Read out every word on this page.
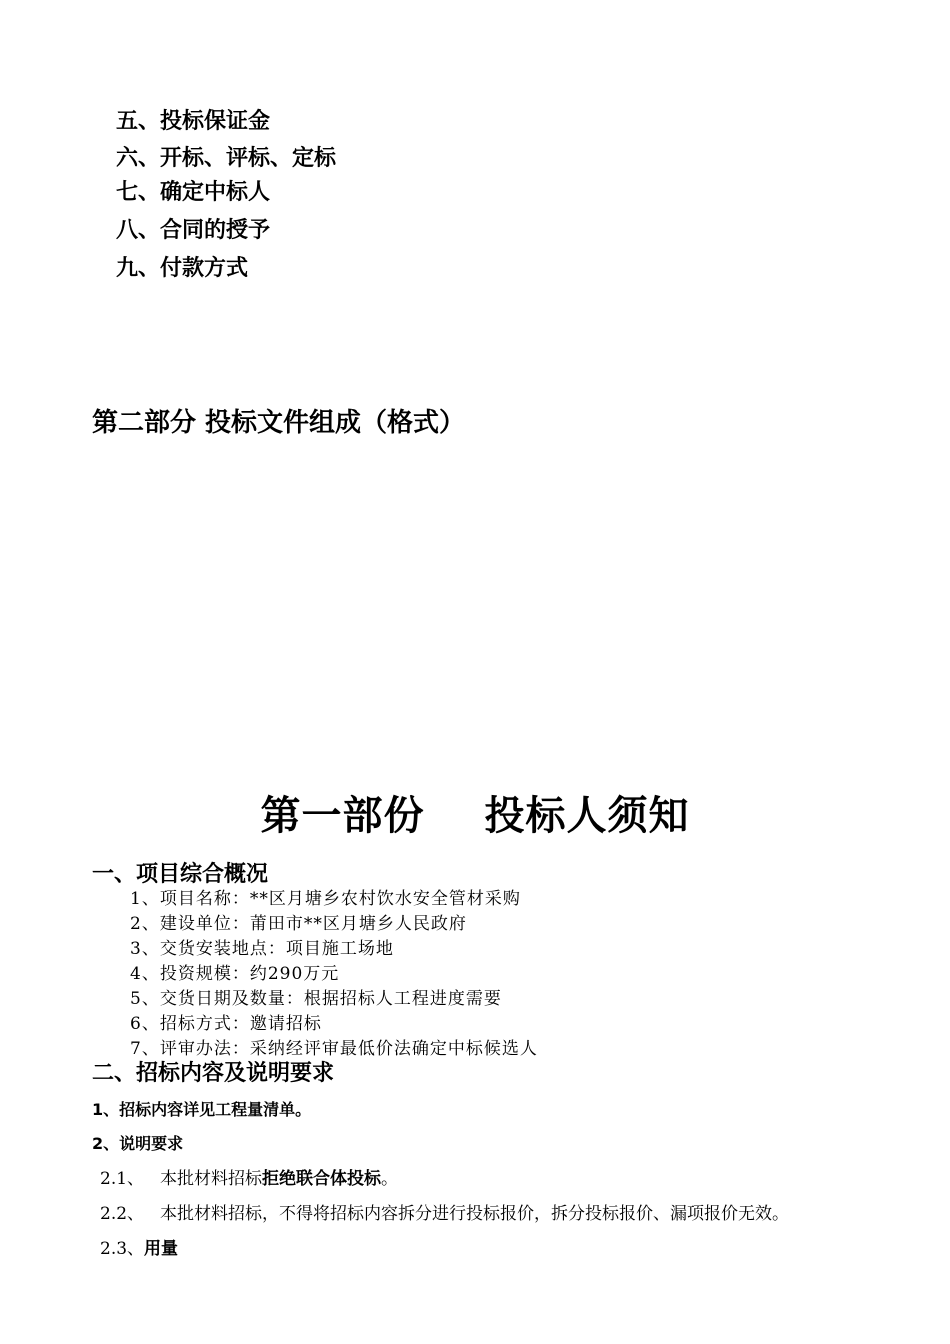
五、投标保证金
六、开标、评标、定标
七、确定中标人
八、合同的授予
九、付款方式
第二部分 投标文件组成（格式）
第一部份 投标人须知
一、项目综合概况
1、项目名称：**区月塘乡农村饮水安全管材采购
2、建设单位：莆田市**区月塘乡人民政府
3、交货安装地点：项目施工场地
4、投资规模：约290万元
5、交货日期及数量：根据招标人工程进度需要
6、招标方式：邀请招标
7、评审办法：采纳经评审最低价法确定中标候选人
二、招标内容及说明要求
1、招标内容详见工程量清单。
2、说明要求
2.1、 本批材料招标拒绝联合体投标。
2.2、 本批材料招标，不得将招标内容拆分进行投标报价，拆分投标报价、漏项报价无效。
2.3、用量
